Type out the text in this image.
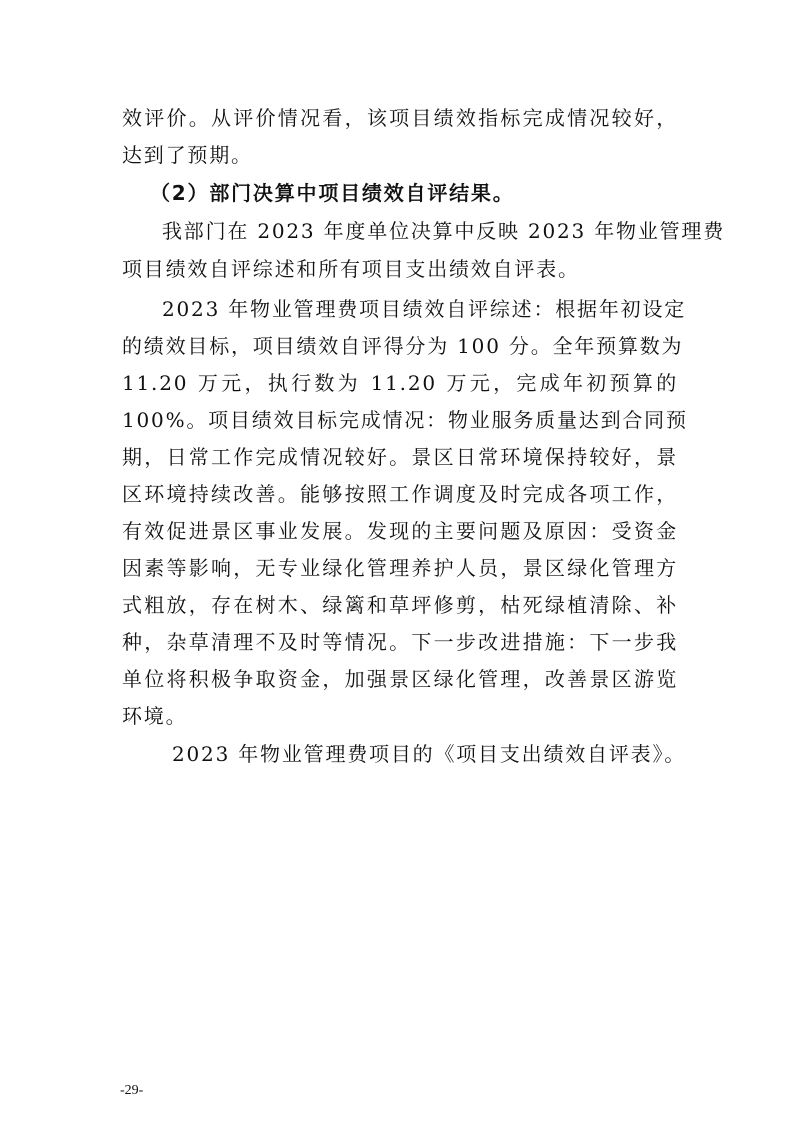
效评价。从评价情况看，该项目绩效指标完成情况较好，
达到了预期。
（2）部门决算中项目绩效自评结果。
我部门在 2023 年度单位决算中反映 2023 年物业管理费
项目绩效自评综述和所有项目支出绩效自评表。
2023 年物业管理费项目绩效自评综述：根据年初设定
的绩效目标，项目绩效自评得分为 100 分。全年预算数为
11.20 万元，执行数为 11.20 万元，完成年初预算的
100%。项目绩效目标完成情况：物业服务质量达到合同预
期，日常工作完成情况较好。景区日常环境保持较好，景
区环境持续改善。能够按照工作调度及时完成各项工作，
有效促进景区事业发展。发现的主要问题及原因：受资金
因素等影响，无专业绿化管理养护人员，景区绿化管理方
式粗放，存在树木、绿篱和草坪修剪，枯死绿植清除、补
种，杂草清理不及时等情况。下一步改进措施：下一步我
单位将积极争取资金，加强景区绿化管理，改善景区游览
环境。
2023 年物业管理费项目的《项目支出绩效自评表》。
-29-
